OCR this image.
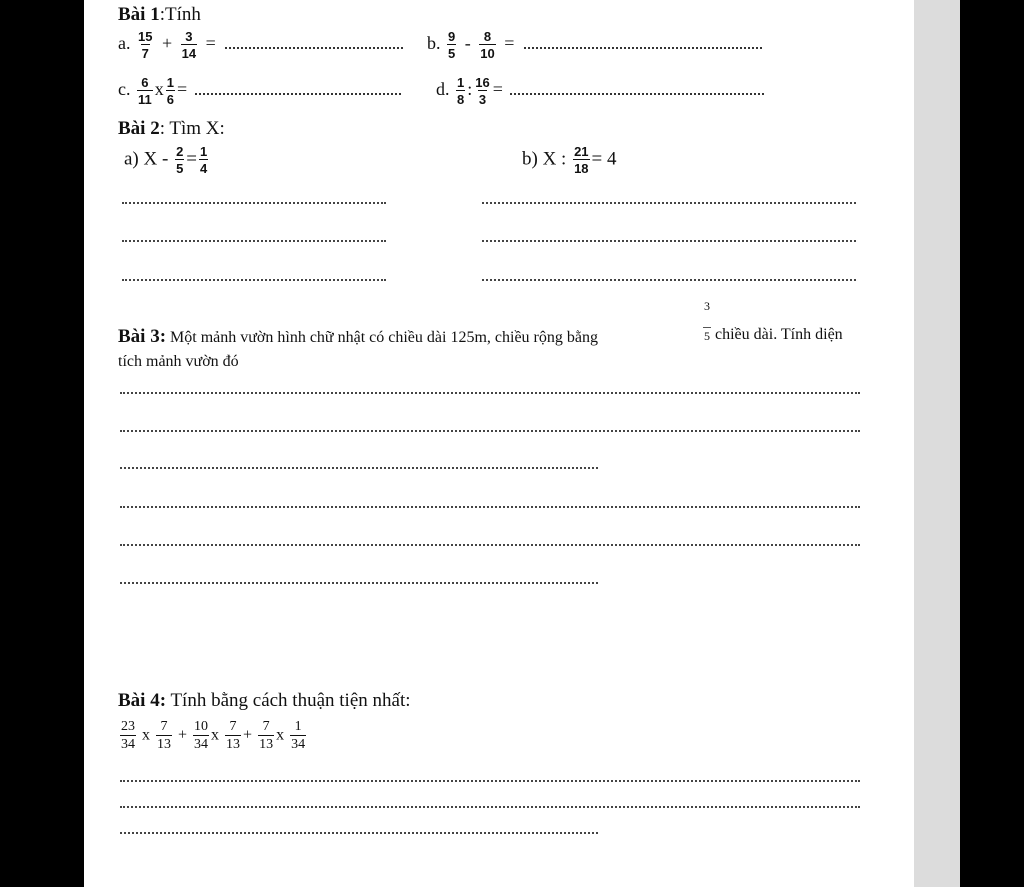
Bài 1:Tính
a. $\frac{15}{7} + \frac{3}{14}$ =	b. $\frac{9}{5} - \frac{8}{10}$ =
c. $\frac{6}{11}$ x $\frac{1}{6}$ =	d. $\frac{1}{8}$ : $\frac{16}{3}$ =
Bài 2: Tìm X:
a) $X - \frac{2}{5} = \frac{1}{4}$	b) X : $\frac{21}{18} = 4$
Bài 3: Một mảnh vườn hình chữ nhật có chiều dài 125m, chiều rộng bằng	$\frac{3}{5}$ chiều dài. Tính diện
tích mảnh vườn đó
Bài 4: Tính bằng cách thuận tiện nhất:
$\frac{23}{34}$ x $\frac{7}{13} + \frac{10}{34}$ x $\frac{7}{13} + \frac{7}{13}$ x $\frac{1}{34}$
